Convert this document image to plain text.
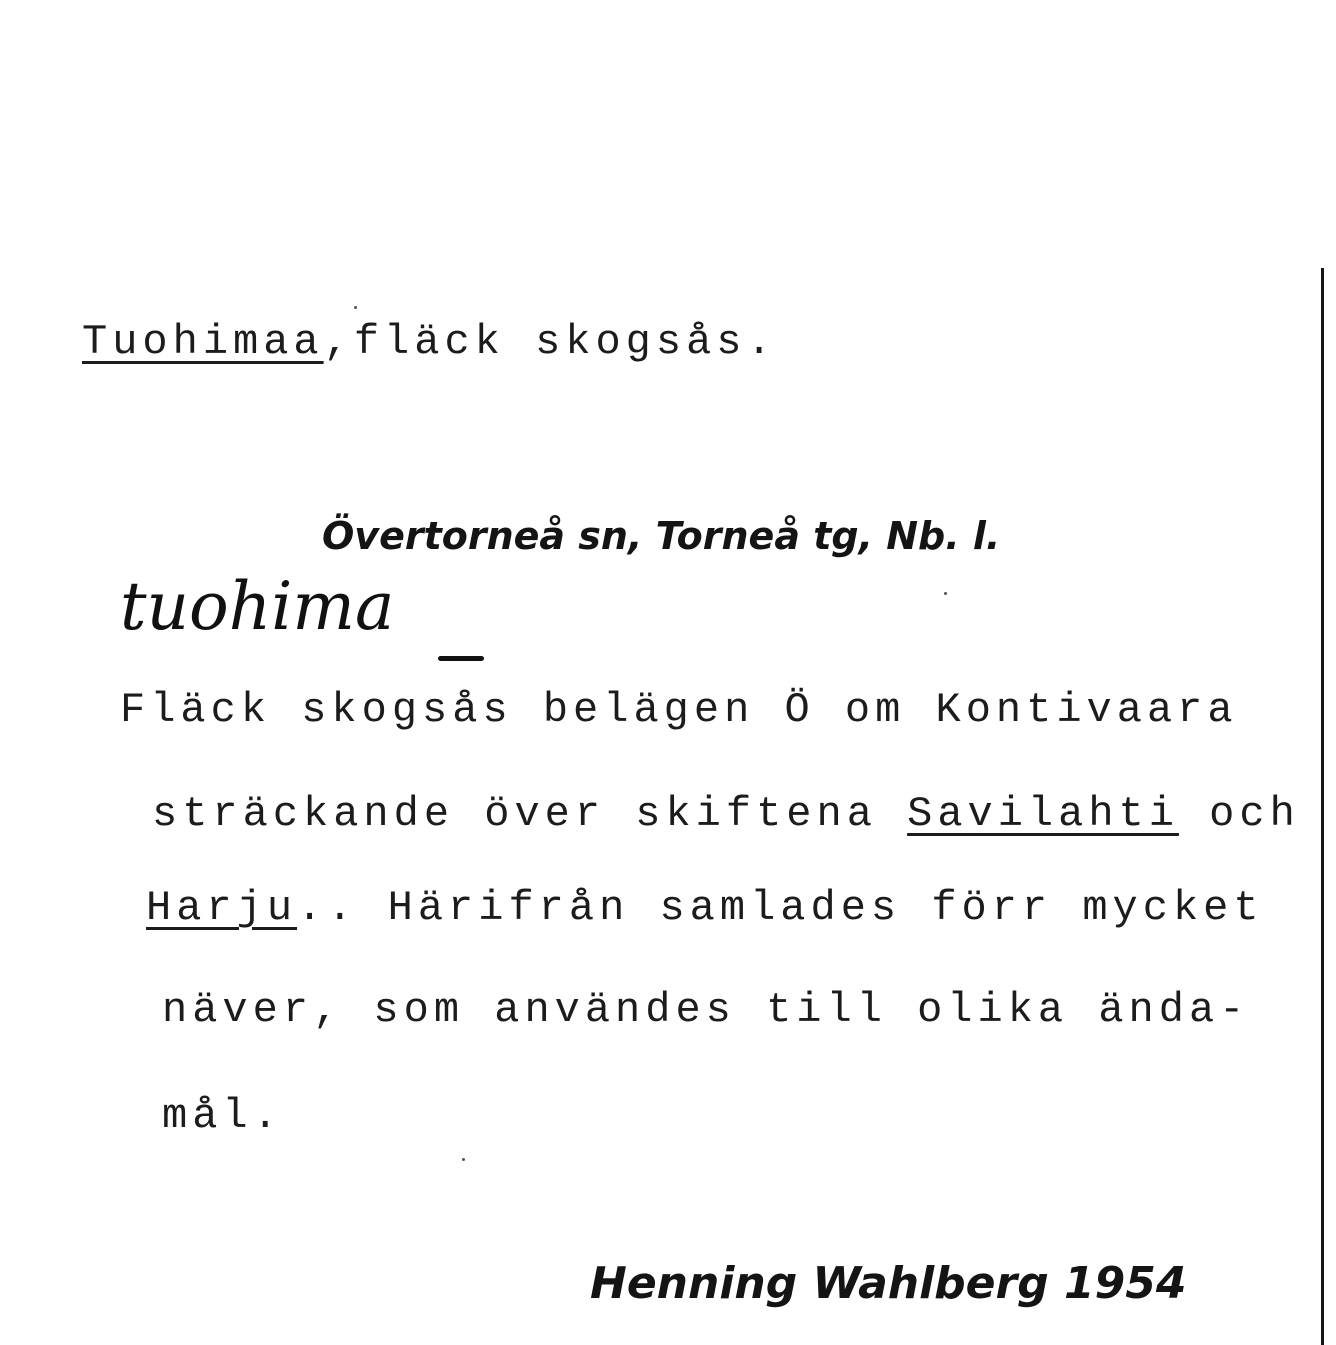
Tuohimaa,fläck skogsås.
Övertorneå sn, Torneå tg, Nb. l.
tuohima
Fläck skogsås belägen Ö om Kontivaara
sträckande över skiftena Savilahti och
Harju.. Härifrån samlades förr mycket
näver, som användes till olika ända-
mål.
Henning Wahlberg 1954
